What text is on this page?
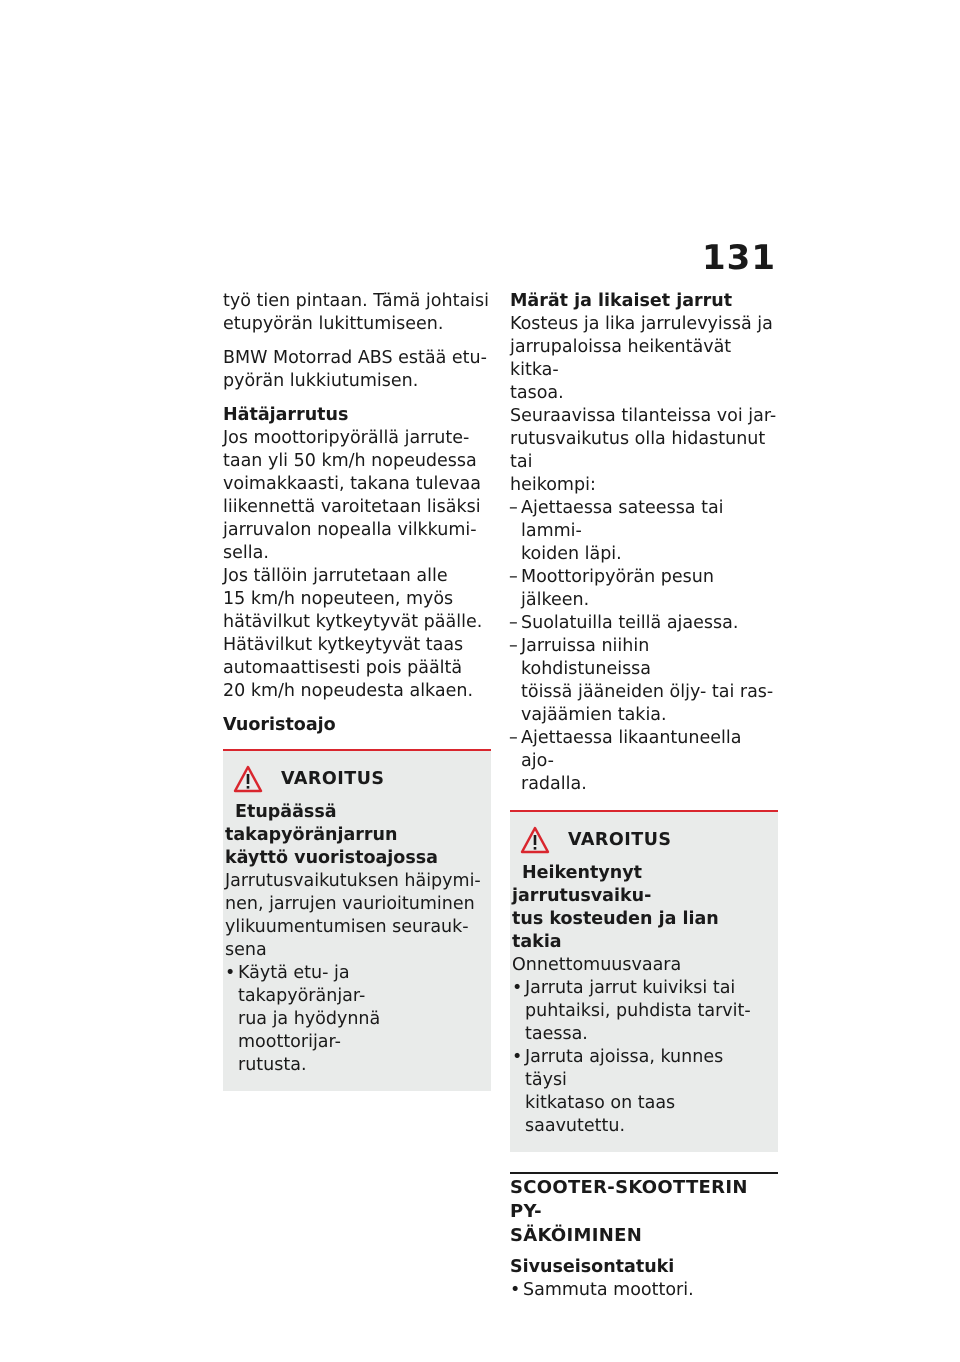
131

työ tien pintaan. Tämä johtaisi
etupyörän lukittumiseen.

BMW Motorrad ABS estää etu-
pyörän lukkiutumisen.

Hätäjarrutus

Jos moottoripyörällä jarrute-
taan yli 50 km/h nopeudessa
voimakkaasti, takana tulevaa
liikennettä varoitetaan lisäksi
jarruvalon nopealla vilkkumi-
sella.

Jos tällöin jarrutetaan alle
15 km/h nopeuteen, myös
hätävilkut kytkeytyvät päälle.

Hätävilkut kytkeytyvät taas
automaattisesti pois päältä
20 km/h nopeudesta alkaen.

Vuoristoajo
VAROITUS
Etupäässä takapyöränjarrun
käyttö vuoristoajossa

Jarrutusvaikutuksen häipymi-
nen, jarrujen vaurioituminen
ylikuumentumisen seurauk-
sena

• Käytä etu- ja takapyöränjar-
rua ja hyödynnä moottorijar-
rutusta.
Märät ja likaiset jarrut

Kosteus ja lika jarrulevyissä ja
jarrupaloissa heikentävät kitka-
tasoa.

Seuraavissa tilanteissa voi jar-
rutusvaikutus olla hidastunut tai
heikompi:

– Ajettaessa sateessa tai lammi-
koiden läpi.
– Moottoripyörän pesun jälkeen.
– Suolatuilla teillä ajaessa.
– Jarruissa niihin kohdistuneissa
töissä jääneiden öljy- tai ras-
vajäämien takia.
– Ajettaessa likaantuneella ajo-
radalla.
VAROITUS
Heikentynyt jarrutusvaiku-
tus kosteuden ja lian takia

Onnettomuusvaara

• Jarruta jarrut kuiviksi tai
puhtaiksi, puhdista tarvit-
taessa.
• Jarruta ajoissa, kunnes täysi
kitkataso on taas saavutettu.
SCOOTER-SKOOTTERIN PY-
SÄKÖIMINEN
Sivuseisontatuki
• Sammuta moottori.
